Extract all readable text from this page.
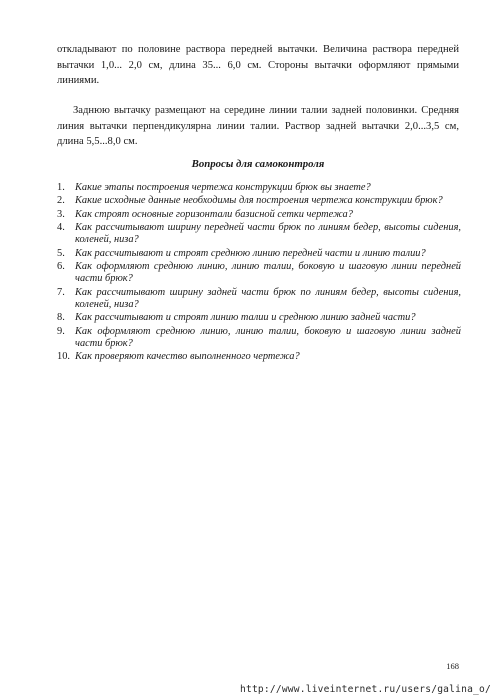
откладывают по половине раствора передней вытачки. Величина раствора передней вытачки 1,0... 2,0 см, длина 35... 6,0 см. Стороны вытачки оформляют прямыми линиями.

Заднюю вытачку размещают на середине линии талии задней половинки. Средняя линия вытачки перпендикулярна линии талии. Раствор задней вытачки 2,0...3,5 см, длина 5,5...8,0 см.

Вопросы для самоконтроля
1. Какие этапы построения чертежа конструкции брюк вы знаете?
2. Какие исходные данные необходимы для построения чертежа конструкции брюк?
3. Как строят основные горизонтали базисной сетки чертежа?
4. Как рассчитывают ширину передней части брюк по линиям бедер, высоты сидения, коленей, низа?
5. Как рассчитывают и строят среднюю линию передней части и линию талии?
6. Как оформляют среднюю линию, линию талии, боковую и шаговую линии передней части брюк?
7. Как рассчитывают ширину задней части брюк по линиям бедер, высоты сидения, коленей, низа?
8. Как рассчитывают и строят линию талии и среднюю линию задней части?
9. Как оформляют среднюю линию, линию талии, боковую и шаговую линии задней части брюк?
10. Как проверяют качество выполненного чертежа?
168
http://www.liveinternet.ru/users/galina_o/
